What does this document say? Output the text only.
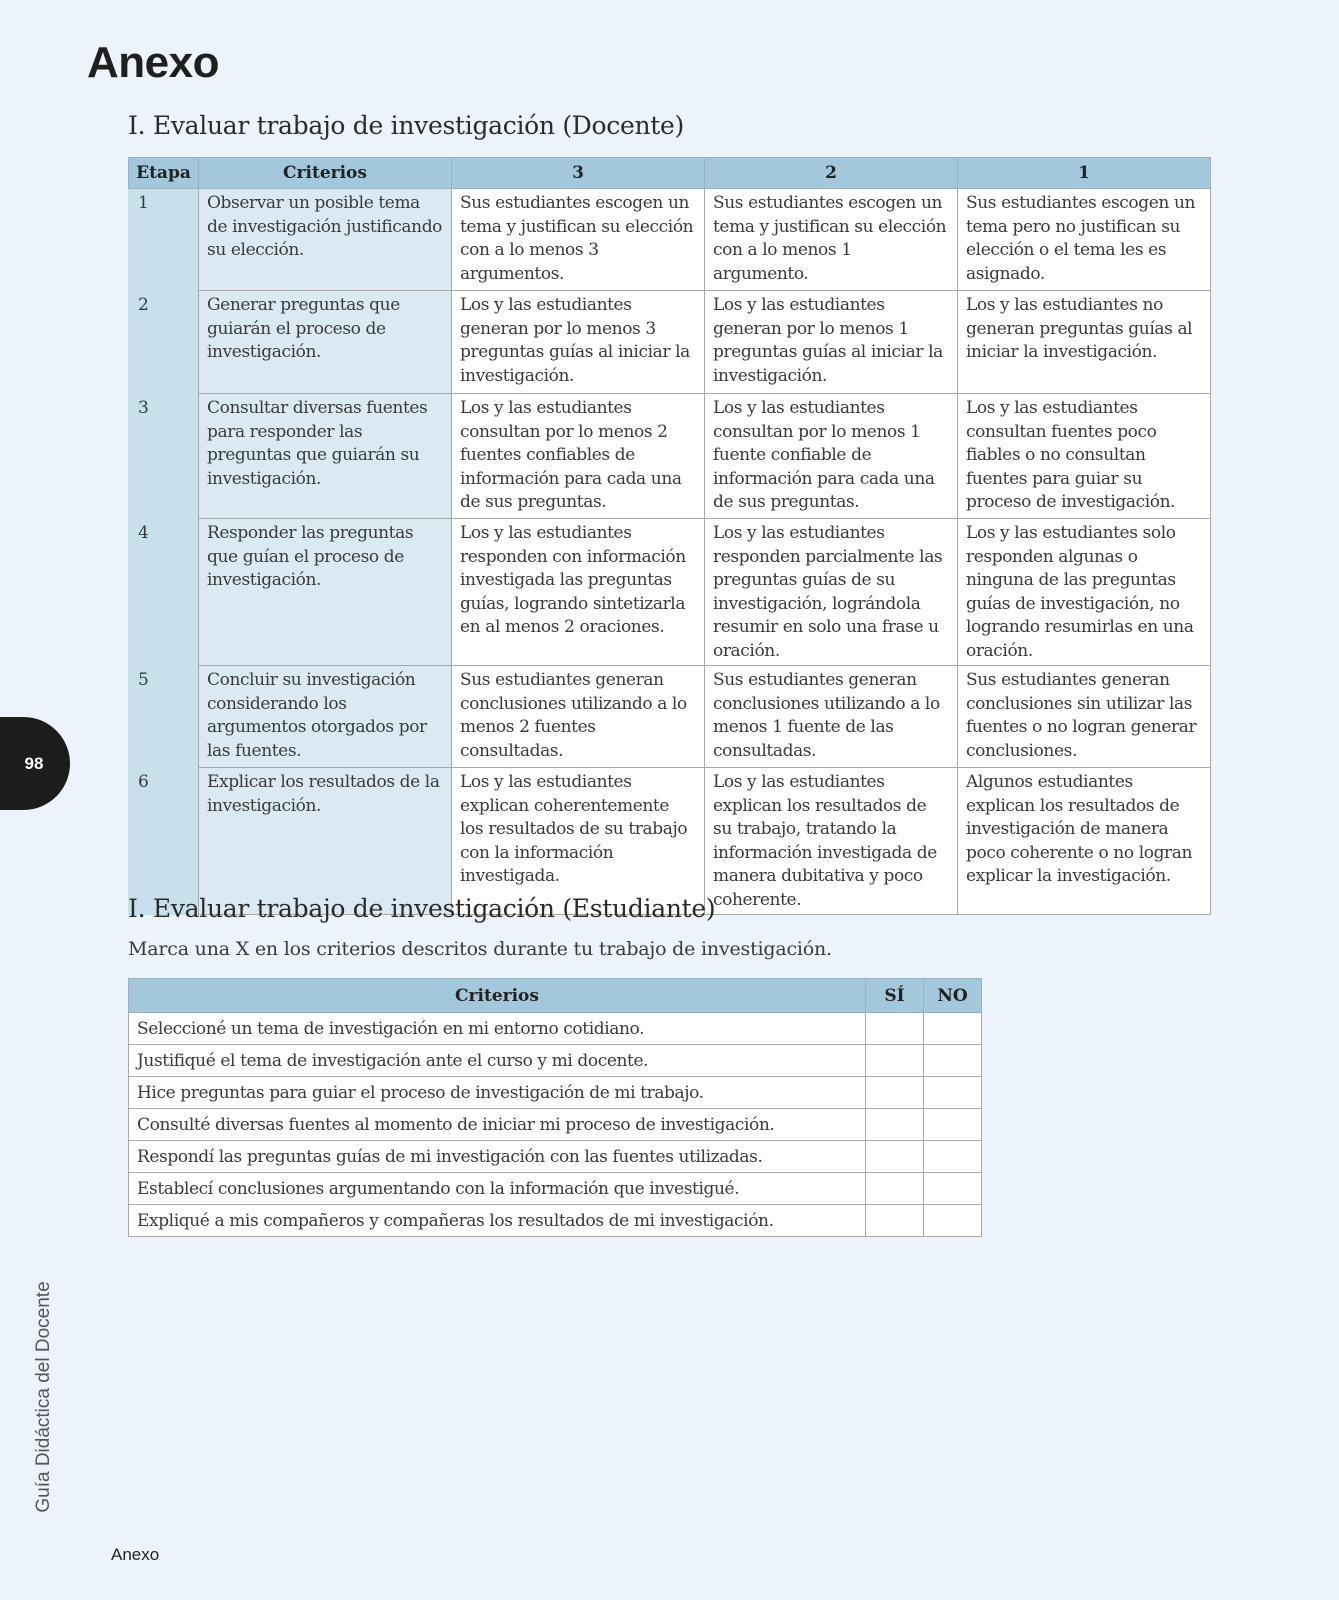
Anexo
I. Evaluar trabajo de investigación (Docente)
Etapa	Criterios	3	2	1
1	Observar un posible tema de investigación justificando su elección.	Sus estudiantes escogen un tema y justifican su elección con a lo menos 3 argumentos.	Sus estudiantes escogen un tema y justifican su elección con a lo menos 1 argumento.	Sus estudiantes escogen un tema pero no justifican su elección o el tema les es asignado.
2	Generar preguntas que guiarán el proceso de investigación.	Los y las estudiantes generan por lo menos 3 preguntas guías al iniciar la investigación.	Los y las estudiantes generan por lo menos 1 preguntas guías al iniciar la investigación.	Los y las estudiantes no generan preguntas guías al iniciar la investigación.
3	Consultar diversas fuentes para responder las preguntas que guiarán su investigación.	Los y las estudiantes consultan por lo menos 2 fuentes confiables de información para cada una de sus preguntas.	Los y las estudiantes consultan por lo menos 1 fuente confiable de información para cada una de sus preguntas.	Los y las estudiantes consultan fuentes poco fiables o no consultan fuentes para guiar su proceso de investigación.
4	Responder las preguntas que guían el proceso de investigación.	Los y las estudiantes responden con información investigada las preguntas guías, logrando sintetizarla en al menos 2 oraciones.	Los y las estudiantes responden parcialmente las preguntas guías de su investigación, lográndola resumir en solo una frase u oración.	Los y las estudiantes solo responden algunas o ninguna de las preguntas guías de investigación, no logrando resumirlas en una oración.
5	Concluir su investigación considerando los argumentos otorgados por las fuentes.	Sus estudiantes generan conclusiones utilizando a lo menos 2 fuentes consultadas.	Sus estudiantes generan conclusiones utilizando a lo menos 1 fuente de las consultadas.	Sus estudiantes generan conclusiones sin utilizar las fuentes o no logran generar conclusiones.
6	Explicar los resultados de la investigación.	Los y las estudiantes explican coherentemente los resultados de su trabajo con la información investigada.	Los y las estudiantes explican los resultados de su trabajo, tratando la información investigada de manera dubitativa y poco coherente.	Algunos estudiantes explican los resultados de investigación de manera poco coherente o no logran explicar la investigación.
I. Evaluar trabajo de investigación (Estudiante)

Marca una X en los criterios descritos durante tu trabajo de investigación.

Criterios	SÍ	NO
Seleccioné un tema de investigación en mi entorno cotidiano.		
Justifiqué el tema de investigación ante el curso y mi docente.		
Hice preguntas para guiar el proceso de investigación de mi trabajo.		
Consulté diversas fuentes al momento de iniciar mi proceso de investigación.		
Respondí las preguntas guías de mi investigación con las fuentes utilizadas.		
Establecí conclusiones argumentando con la información que investigué.		
Expliqué a mis compañeros y compañeras los resultados de mi investigación.		
98
Guía Didáctica del Docente
Anexo
